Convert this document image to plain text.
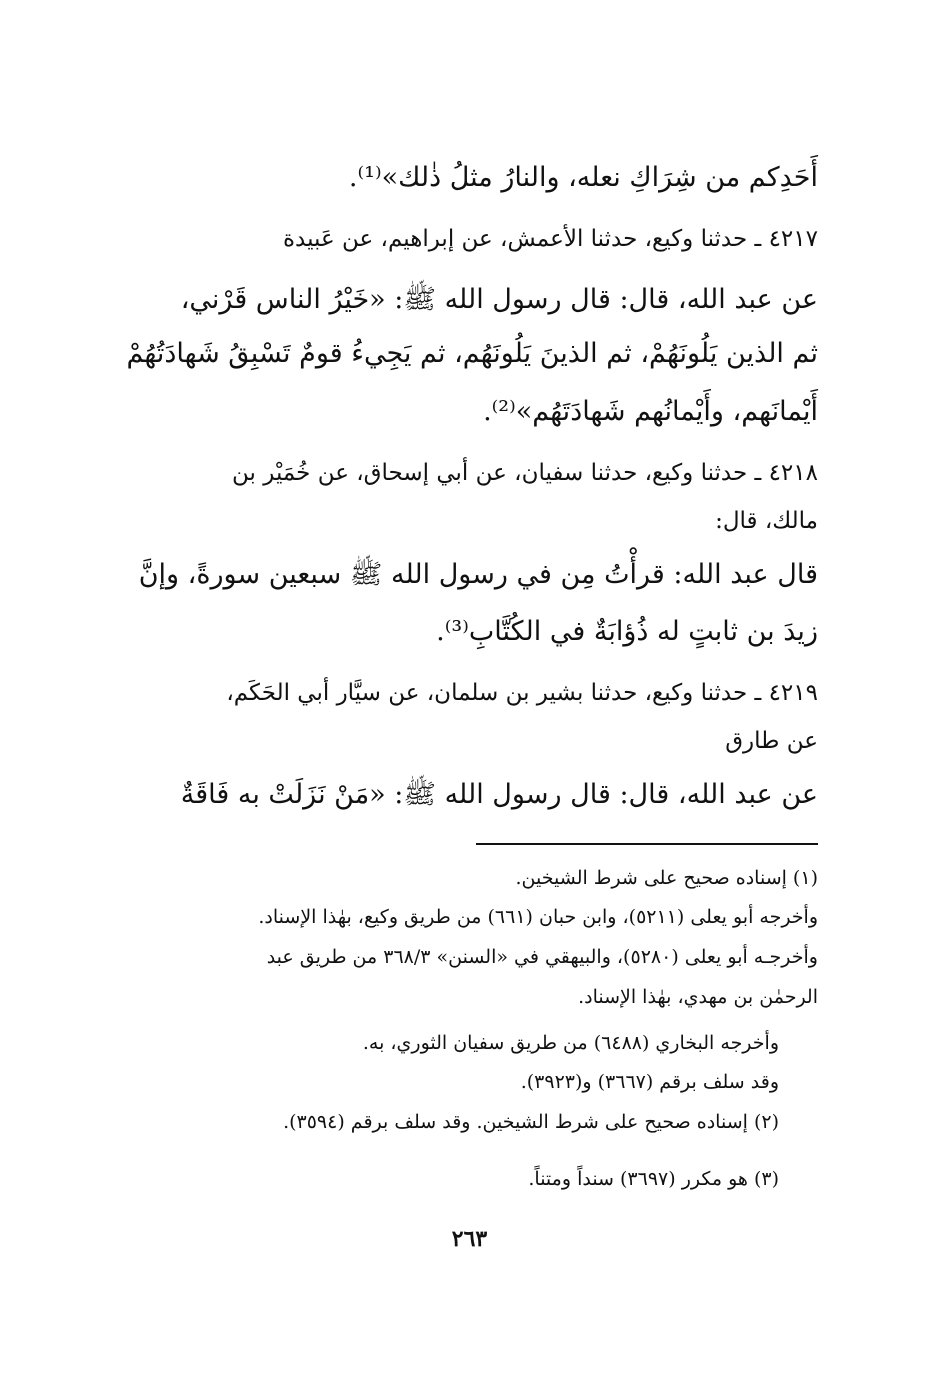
أَحَدِكم من شِرَاكِ نعله، والنارُ مثلُ ذٰلك»⁽¹⁾.
٤٢١٧ ـ حدثنا وكيع، حدثنا الأعمش، عن إبراهيم، عن عَبيدة
عن عبد الله، قال: قال رسول الله ﷺ: «خَيْرُ الناس قَرْني،
ثم الذين يَلُونَهُمْ، ثم الذينَ يَلُونَهُم، ثم يَجِيءُ قومٌ تَسْبِقُ شَهادَتُهُمْ
أَيْمانَهم، وأَيْمانُهم شَهادَتَهُم»⁽²⁾.
٤٢١٨ ـ حدثنا وكيع، حدثنا سفيان، عن أبي إسحاق، عن خُمَيْر بن
مالك، قال:
قال عبد الله: قرأْتُ مِن في رسول الله ﷺ سبعين سورةً، وإنَّ
زيدَ بن ثابتٍ له ذُؤابَةٌ في الكُتَّابِ⁽³⁾.
٤٢١٩ ـ حدثنا وكيع، حدثنا بشير بن سلمان، عن سيَّار أبي الحَكَم،
عن طارق
عن عبد الله، قال: قال رسول الله ﷺ: «مَنْ نَزَلَتْ به فَاقَةٌ
(١) إسناده صحيح على شرط الشيخين.
وأخرجه أبو يعلى (٥٢١١)، وابن حبان (٦٦١) من طريق وكيع، بهٰذا الإسناد.
وأخرجـه أبو يعلى (٥٢٨٠)، والبيهقي في «السنن» ٣٦٨/٣ من طريق عبد
الرحمٰن بن مهدي، بهٰذا الإسناد.
وأخرجه البخاري (٦٤٨٨) من طريق سفيان الثوري، به.
وقد سلف برقم (٣٦٦٧) و(٣٩٢٣).
(٢) إسناده صحيح على شرط الشيخين. وقد سلف برقم (٣٥٩٤).
(٣) هو مكرر (٣٦٩٧) سنداً ومتناً.
٢٦٣
